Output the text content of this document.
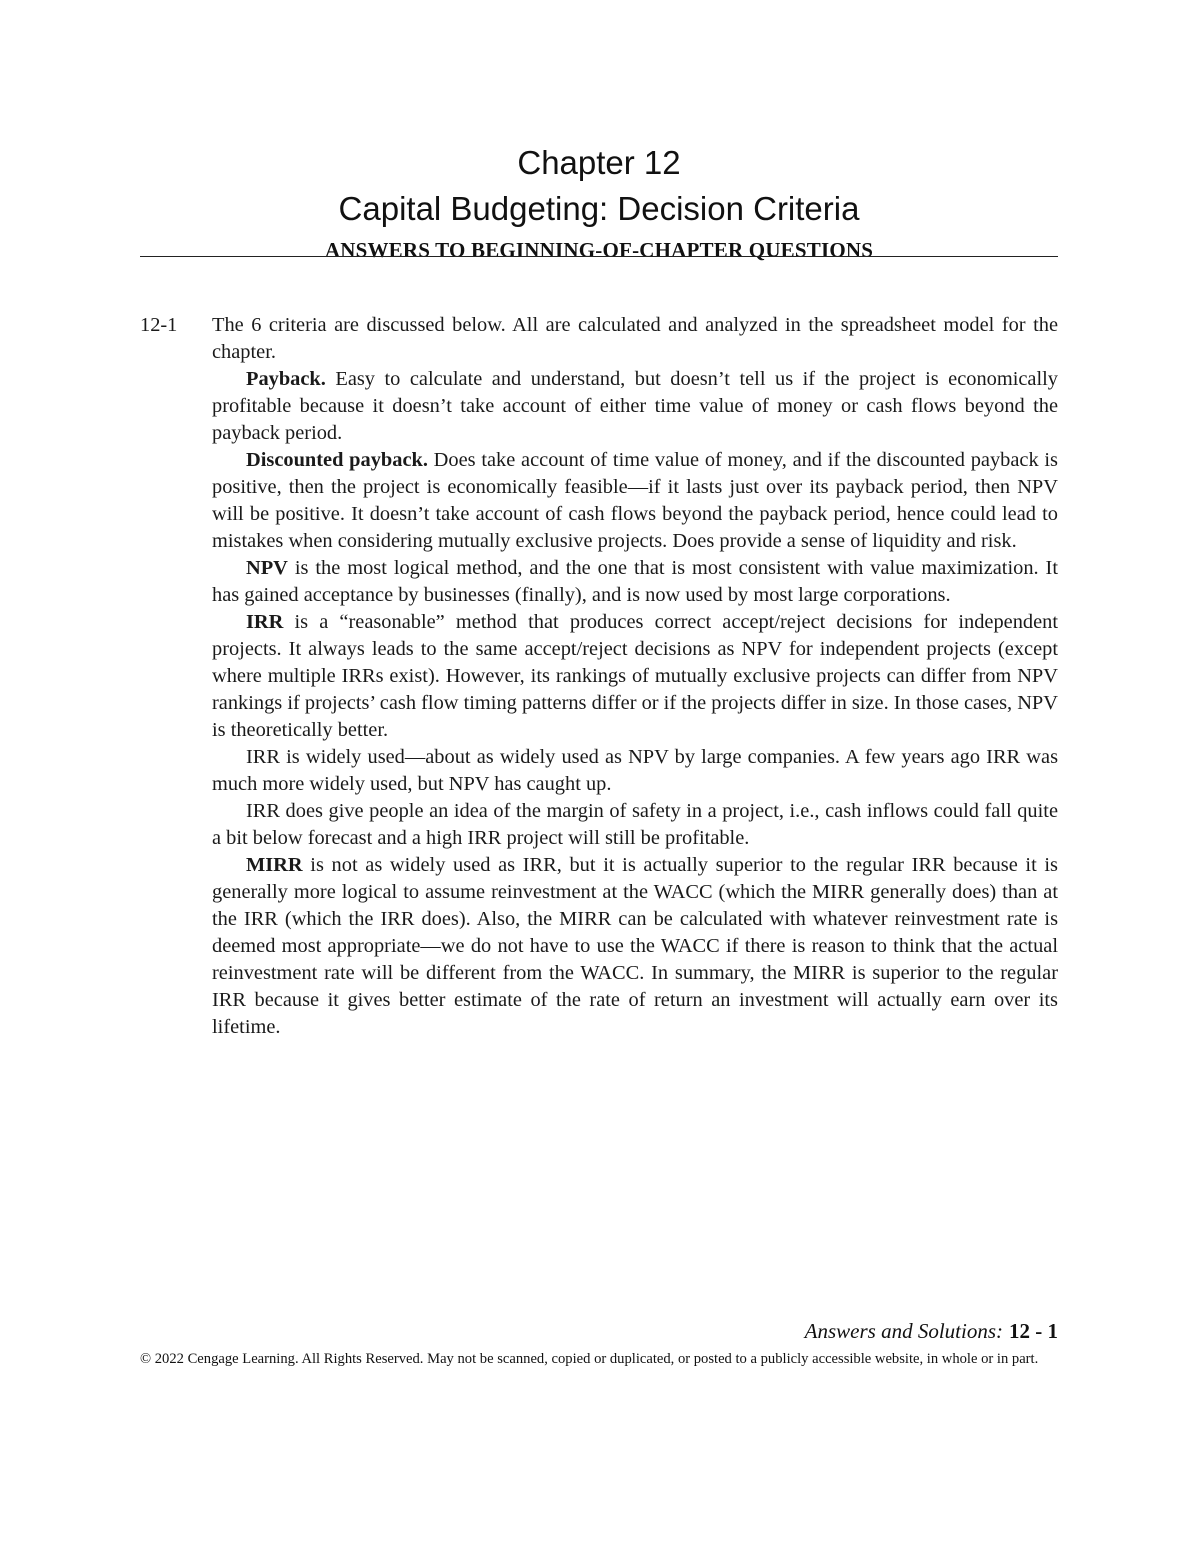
Chapter 12
Capital Budgeting: Decision Criteria
ANSWERS TO BEGINNING-OF-CHAPTER QUESTIONS
12-1	The 6 criteria are discussed below. All are calculated and analyzed in the spreadsheet model for the chapter.

Payback. Easy to calculate and understand, but doesn’t tell us if the project is economically profitable because it doesn’t take account of either time value of money or cash flows beyond the payback period.

Discounted payback. Does take account of time value of money, and if the discounted payback is positive, then the project is economically feasible—if it lasts just over its payback period, then NPV will be positive. It doesn’t take account of cash flows beyond the payback period, hence could lead to mistakes when considering mutually exclusive projects. Does provide a sense of liquidity and risk.

NPV is the most logical method, and the one that is most consistent with value maximization. It has gained acceptance by businesses (finally), and is now used by most large corporations.

IRR is a “reasonable” method that produces correct accept/reject decisions for independent projects. It always leads to the same accept/reject decisions as NPV for independent projects (except where multiple IRRs exist). However, its rankings of mutually exclusive projects can differ from NPV rankings if projects’ cash flow timing patterns differ or if the projects differ in size. In those cases, NPV is theoretically better.

IRR is widely used—about as widely used as NPV by large companies. A few years ago IRR was much more widely used, but NPV has caught up.

IRR does give people an idea of the margin of safety in a project, i.e., cash inflows could fall quite a bit below forecast and a high IRR project will still be profitable.

MIRR is not as widely used as IRR, but it is actually superior to the regular IRR because it is generally more logical to assume reinvestment at the WACC (which the MIRR generally does) than at the IRR (which the IRR does). Also, the MIRR can be calculated with whatever reinvestment rate is deemed most appropriate—we do not have to use the WACC if there is reason to think that the actual reinvestment rate will be different from the WACC. In summary, the MIRR is superior to the regular IRR because it gives better estimate of the rate of return an investment will actually earn over its lifetime.

Answers and Solutions: 12 - 1
© 2022 Cengage Learning. All Rights Reserved. May not be scanned, copied or duplicated, or posted to a publicly accessible website, in whole or in part.
